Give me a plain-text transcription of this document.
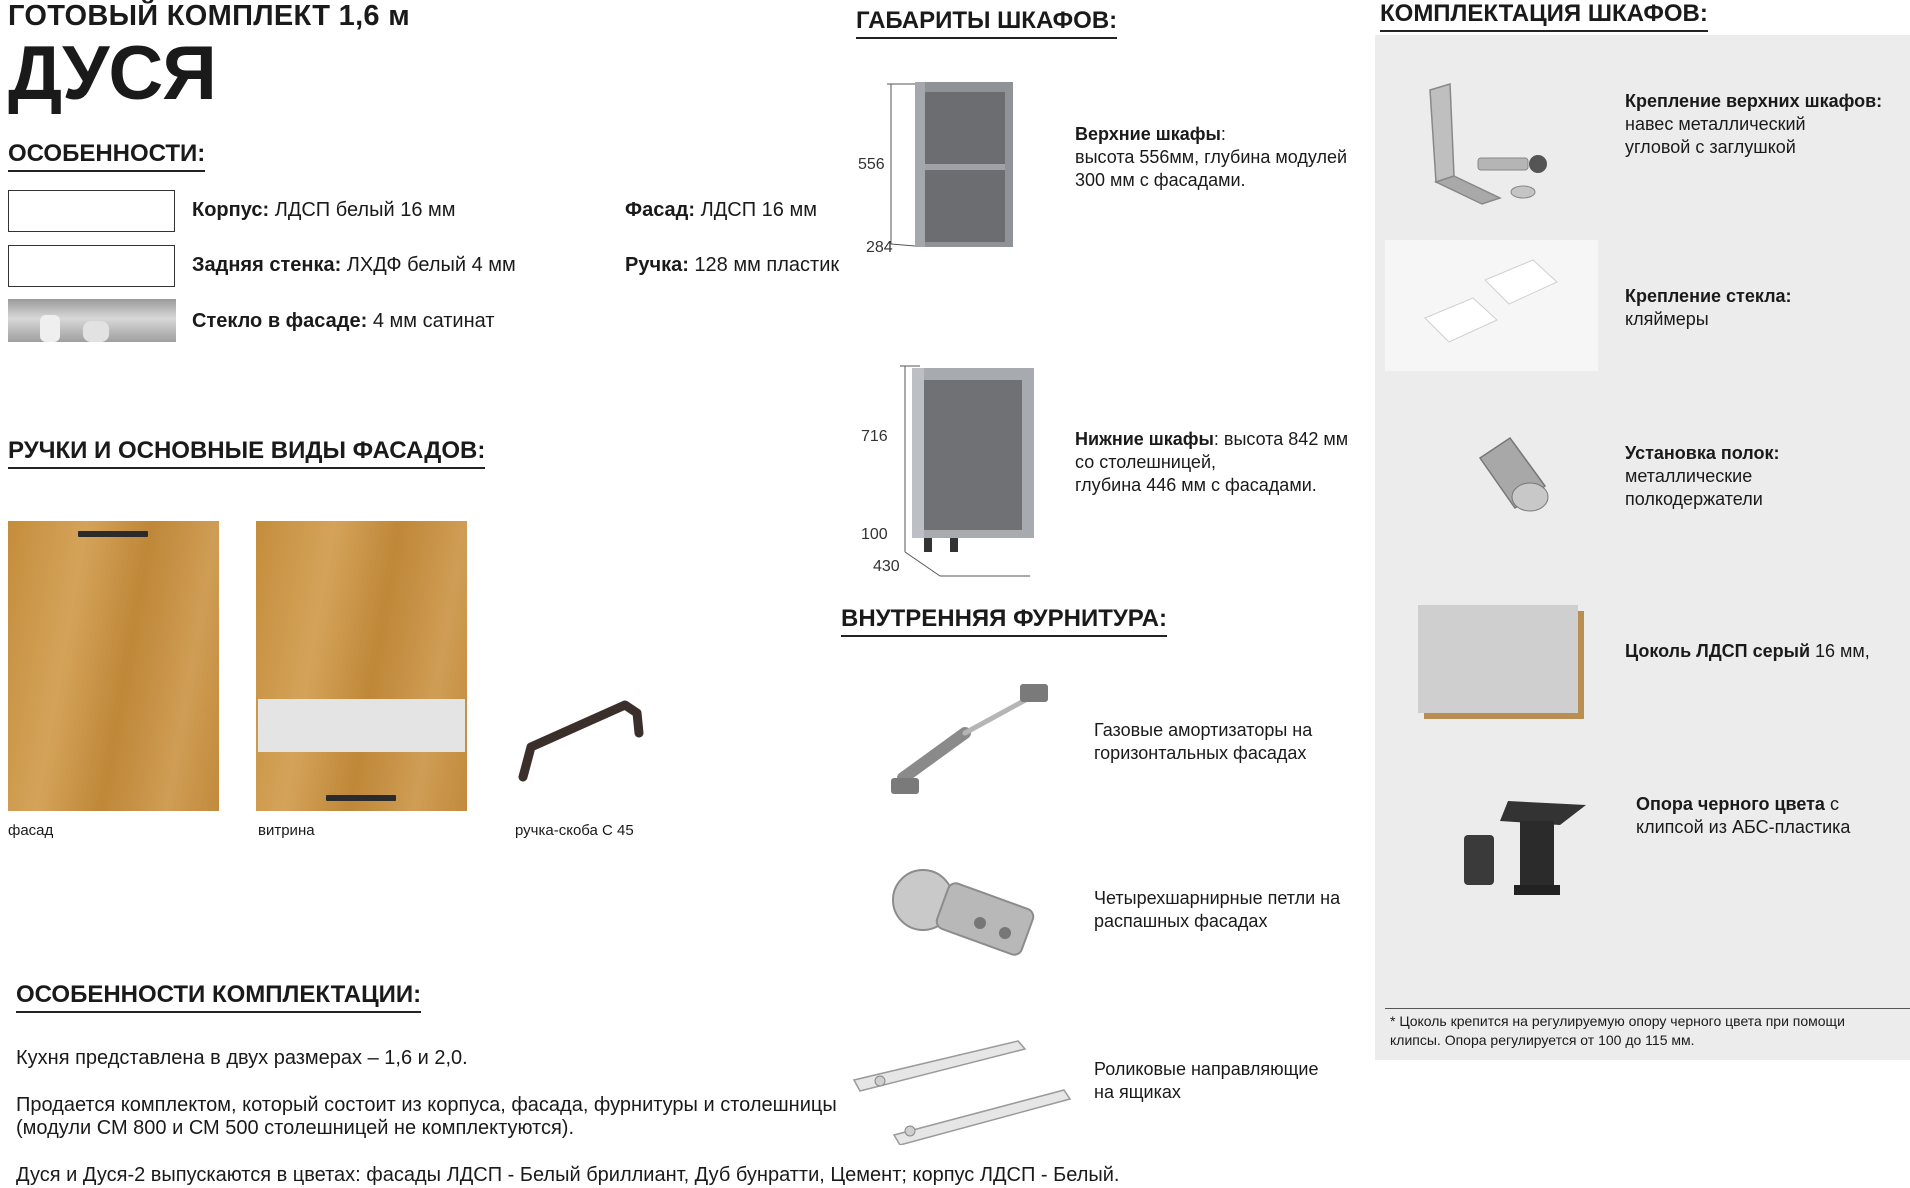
ГОТОВЫЙ КОМПЛЕКТ 1,6 м
ДУСЯ
ОСОБЕННОСТИ:
Корпус: ЛДСП белый 16 мм
Задняя стенка: ЛХДФ белый 4 мм
Стекло в фасаде: 4 мм сатинат
Фасад: ЛДСП 16 мм
Ручка: 128 мм пластик
РУЧКИ И ОСНОВНЫЕ ВИДЫ ФАСАДОВ:
фасад	витрина	ручка-скоба С 45
ОСОБЕННОСТИ КОМПЛЕКТАЦИИ:
Кухня представлена в двух размерах – 1,6 и 2,0.
Продается комплектом, который состоит из корпуса, фасада, фурнитуры и столешницы
(модули СМ 800 и СМ 500 столешницей не комплектуются).
Дуся и Дуся-2 выпускаются в цветах: фасады ЛДСП - Белый бриллиант, Дуб бунратти, Цемент; корпус ЛДСП - Белый.
ГАБАРИТЫ ШКАФОВ:
556
284
Верхние шкафы:
высота 556мм, глубина модулей
300 мм с фасадами.
716
100
430
Нижние шкафы: высота 842 мм
со столешницей,
глубина 446 мм с фасадами.
ВНУТРЕННЯЯ ФУРНИТУРА:
Газовые амортизаторы на
горизонтальных фасадах
Четырехшарнирные петли на
распашных фасадах
Роликовые направляющие
на ящиках
КОМПЛЕКТАЦИЯ ШКАФОВ:
Крепление верхних шкафов:
навес металлический
угловой с заглушкой
Крепление стекла:
кляймеры
Установка полок:
металлические
полкодержатели
Цоколь ЛДСП серый 16 мм,
Опора черного цвета с
клипсой из АБС-пластика
* Цоколь крепится на регулируемую опору черного цвета при помощи
клипсы. Опора регулируется от 100 до 115 мм.
